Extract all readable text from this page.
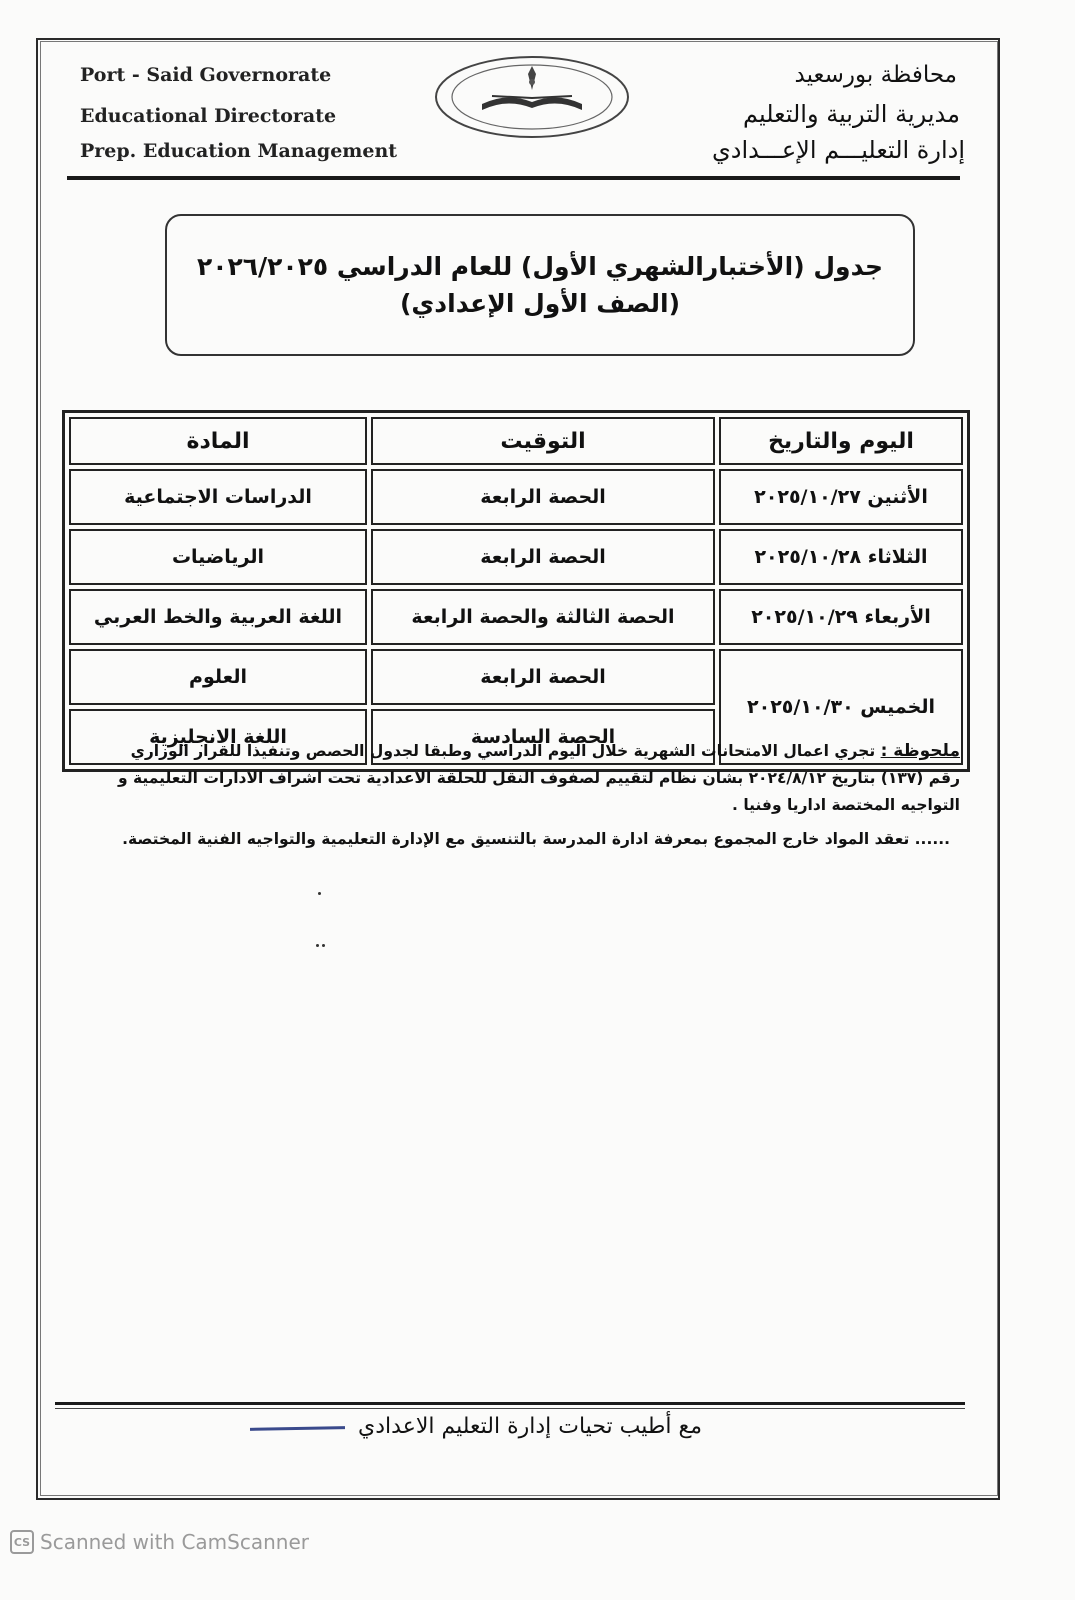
Port - Said Governorate
Educational Directorate
Prep. Education Management
محافظة بورسعيد
مديرية التربية والتعليم
إدارة التعليـــم الإعـــدادي
جدول (الأختبارالشهري الأول) للعام الدراسي ٢٠٢٦/٢٠٢٥
(الصف الأول الإعدادي)
اليوم والتاريخ	التوقيت	المادة
الأثنين ٢٠٢٥/١٠/٢٧	الحصة الرابعة	الدراسات الاجتماعية
الثلاثاء ٢٠٢٥/١٠/٢٨	الحصة الرابعة	الرياضيات
الأربعاء ٢٠٢٥/١٠/٢٩	الحصة الثالثة والحصة الرابعة	اللغة العربية والخط العربي
الخميس ٢٠٢٥/١٠/٣٠	الحصة الرابعة	العلوم
	الحصة السادسة	اللغة الانجليزية
ملحوظة : تجري اعمال الامتحانات الشهرية خلال اليوم الدراسي وطبقا لجدول الحصص وتنفيذا للقرار الوزاري رقم (١٣٧) بتاريخ ٢٠٢٤/٨/١٢ بشان نظام لتقييم لصفوف النقل للحلقة الاعدادية تحت اشراف الادارات التعليمية و التواجيه المختصة اداريا وفنيا .
...... تعقد المواد خارج المجموع بمعرفة ادارة المدرسة بالتنسيق مع الإدارة التعليمية والتواجيه الفنية المختصة.
مع أطيب تحيات إدارة التعليم الاعدادي
CS Scanned with CamScanner
